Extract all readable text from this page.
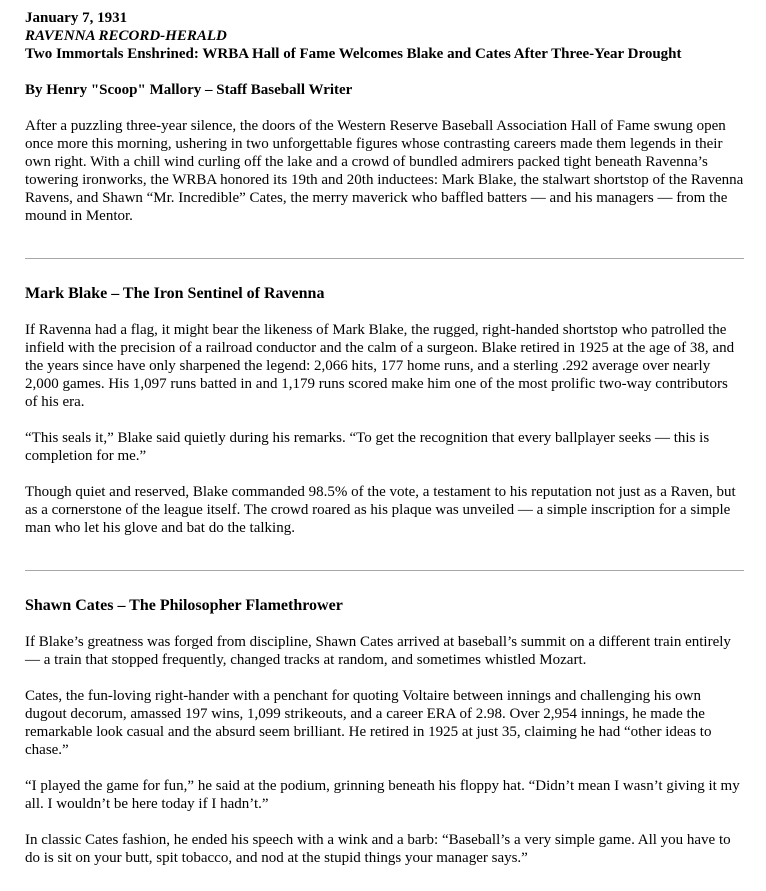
January 7, 1931
RAVENNA RECORD-HERALD
Two Immortals Enshrined: WRBA Hall of Fame Welcomes Blake and Cates After Three-Year Drought
By Henry "Scoop" Mallory – Staff Baseball Writer

After a puzzling three-year silence, the doors of the Western Reserve Baseball Association Hall of Fame swung open once more this morning, ushering in two unforgettable figures whose contrasting careers made them legends in their own right. With a chill wind curling off the lake and a crowd of bundled admirers packed tight beneath Ravenna’s towering ironworks, the WRBA honored its 19th and 20th inductees: Mark Blake, the stalwart shortstop of the Ravenna Ravens, and Shawn “Mr. Incredible” Cates, the merry maverick who baffled batters — and his managers — from the mound in Mentor.

Mark Blake – The Iron Sentinel of Ravenna

If Ravenna had a flag, it might bear the likeness of Mark Blake, the rugged, right-handed shortstop who patrolled the infield with the precision of a railroad conductor and the calm of a surgeon. Blake retired in 1925 at the age of 38, and the years since have only sharpened the legend: 2,066 hits, 177 home runs, and a sterling .292 average over nearly 2,000 games. His 1,097 runs batted in and 1,179 runs scored make him one of the most prolific two-way contributors of his era.

“This seals it,” Blake said quietly during his remarks. “To get the recognition that every ballplayer seeks — this is completion for me.”

Though quiet and reserved, Blake commanded 98.5% of the vote, a testament to his reputation not just as a Raven, but as a cornerstone of the league itself. The crowd roared as his plaque was unveiled — a simple inscription for a simple man who let his glove and bat do the talking.

Shawn Cates – The Philosopher Flamethrower

If Blake’s greatness was forged from discipline, Shawn Cates arrived at baseball’s summit on a different train entirely — a train that stopped frequently, changed tracks at random, and sometimes whistled Mozart.

Cates, the fun-loving right-hander with a penchant for quoting Voltaire between innings and challenging his own dugout decorum, amassed 197 wins, 1,099 strikeouts, and a career ERA of 2.98. Over 2,954 innings, he made the remarkable look casual and the absurd seem brilliant. He retired in 1925 at just 35, claiming he had “other ideas to chase.”

“I played the game for fun,” he said at the podium, grinning beneath his floppy hat. “Didn’t mean I wasn’t giving it my all. I wouldn’t be here today if I hadn’t.”

In classic Cates fashion, he ended his speech with a wink and a barb: “Baseball’s a very simple game. All you have to do is sit on your butt, spit tobacco, and nod at the stupid things your manager says.”
